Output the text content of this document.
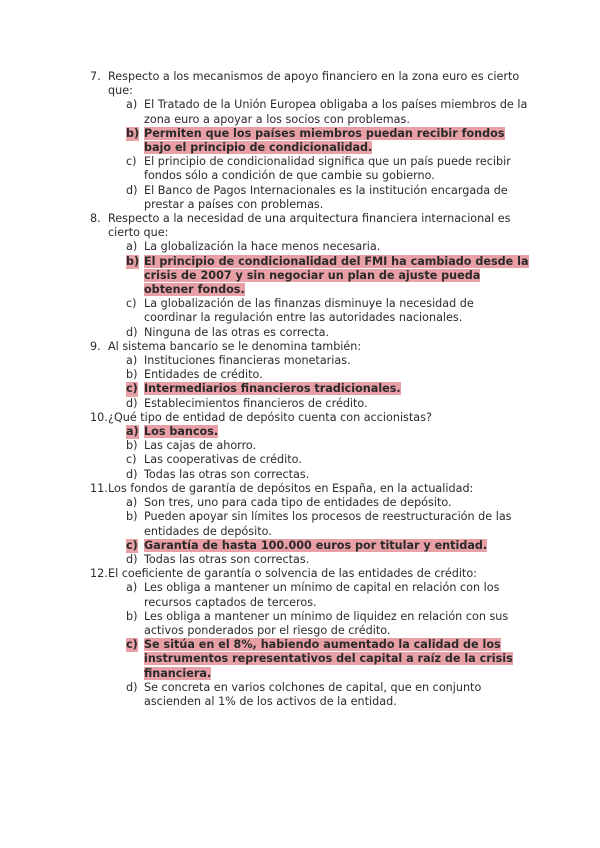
7. Respecto a los mecanismos de apoyo financiero en la zona euro es cierto que:
a) El Tratado de la Unión Europea obligaba a los países miembros de la zona euro a apoyar a los socios con problemas.
b) Permiten que los países miembros puedan recibir fondos bajo el principio de condicionalidad.
c) El principio de condicionalidad significa que un país puede recibir fondos sólo a condición de que cambie su gobierno.
d) El Banco de Pagos Internacionales es la institución encargada de prestar a países con problemas.
8. Respecto a la necesidad de una arquitectura financiera internacional es cierto que:
a) La globalización la hace menos necesaria.
b) El principio de condicionalidad del FMI ha cambiado desde la crisis de 2007 y sin negociar un plan de ajuste pueda obtener fondos.
c) La globalización de las finanzas disminuye la necesidad de coordinar la regulación entre las autoridades nacionales.
d) Ninguna de las otras es correcta.
9. Al sistema bancario se le denomina también:
a) Instituciones financieras monetarias.
b) Entidades de crédito.
c) Intermediarios financieros tradicionales.
d) Establecimientos financieros de crédito.
10. ¿Qué tipo de entidad de depósito cuenta con accionistas?
a) Los bancos.
b) Las cajas de ahorro.
c) Las cooperativas de crédito.
d) Todas las otras son correctas.
11. Los fondos de garantía de depósitos en España, en la actualidad:
a) Son tres, uno para cada tipo de entidades de depósito.
b) Pueden apoyar sin límites los procesos de reestructuración de las entidades de depósito.
c) Garantía de hasta 100.000 euros por titular y entidad.
d) Todas las otras son correctas.
12. El coeficiente de garantía o solvencia de las entidades de crédito:
a) Les obliga a mantener un mínimo de capital en relación con los recursos captados de terceros.
b) Les obliga a mantener un mínimo de liquidez en relación con sus activos ponderados por el riesgo de crédito.
c) Se sitúa en el 8%, habiendo aumentado la calidad de los instrumentos representativos del capital a raíz de la crisis financiera.
d) Se concreta en varios colchones de capital, que en conjunto ascienden al 1% de los activos de la entidad.
